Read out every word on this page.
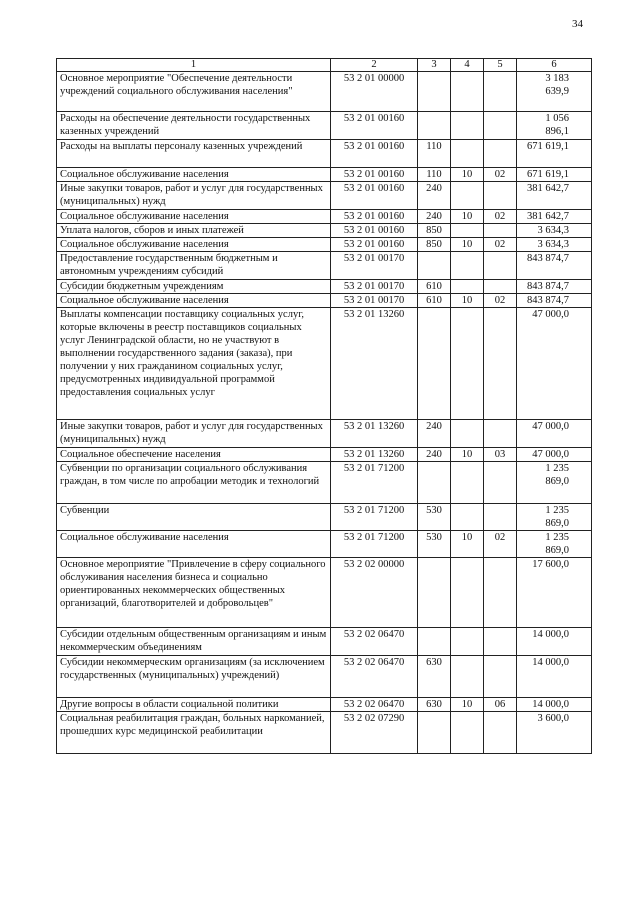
34
1	2	3	4	5	6
Основное мероприятие "Обеспечение деятельности учреждений социального обслуживания населения"	53 2 01 00000				3 183 639,9
Расходы на обеспечение деятельности государственных казенных учреждений	53 2 01 00160				1 056 896,1
Расходы на выплаты персоналу казенных учреждений	53 2 01 00160	110			671 619,1
Социальное обслуживание населения	53 2 01 00160	110	10	02	671 619,1
Иные закупки товаров, работ и услуг для государственных (муниципальных) нужд	53 2 01 00160	240			381 642,7
Социальное обслуживание населения	53 2 01 00160	240	10	02	381 642,7
Уплата налогов, сборов и иных платежей	53 2 01 00160	850			3 634,3
Социальное обслуживание населения	53 2 01 00160	850	10	02	3 634,3
Предоставление государственным бюджетным и автономным учреждениям субсидий	53 2 01 00170				843 874,7
Субсидии бюджетным учреждениям	53 2 01 00170	610			843 874,7
Социальное обслуживание населения	53 2 01 00170	610	10	02	843 874,7
Выплаты компенсации поставщику социальных услуг, которые включены в реестр поставщиков социальных услуг Ленинградской области, но не участвуют в выполнении государственного задания (заказа), при получении у них гражданином социальных услуг, предусмотренных индивидуальной программой предоставления социальных услуг	53 2 01 13260				47 000,0
Иные закупки товаров, работ и услуг для государственных (муниципальных) нужд	53 2 01 13260	240			47 000,0
Социальное обеспечение населения	53 2 01 13260	240	10	03	47 000,0
Субвенции по организации социального обслуживания граждан, в том числе по апробации методик и технологий	53 2 01 71200				1 235 869,0
Субвенции	53 2 01 71200	530			1 235 869,0
Социальное обслуживание населения	53 2 01 71200	530	10	02	1 235 869,0
Основное мероприятие "Привлечение в сферу социального обслуживания населения бизнеса и социально ориентированных некоммерческих общественных организаций, благотворителей и добровольцев"	53 2 02 00000				17 600,0
Субсидии отдельным общественным организациям и иным некоммерческим объединениям	53 2 02 06470				14 000,0
Субсидии некоммерческим организациям (за исключением государственных (муниципальных) учреждений)	53 2 02 06470	630			14 000,0
Другие вопросы в области социальной политики	53 2 02 06470	630	10	06	14 000,0
Социальная реабилитация граждан, больных наркоманией, прошедших курс медицинской реабилитации	53 2 02 07290				3 600,0
